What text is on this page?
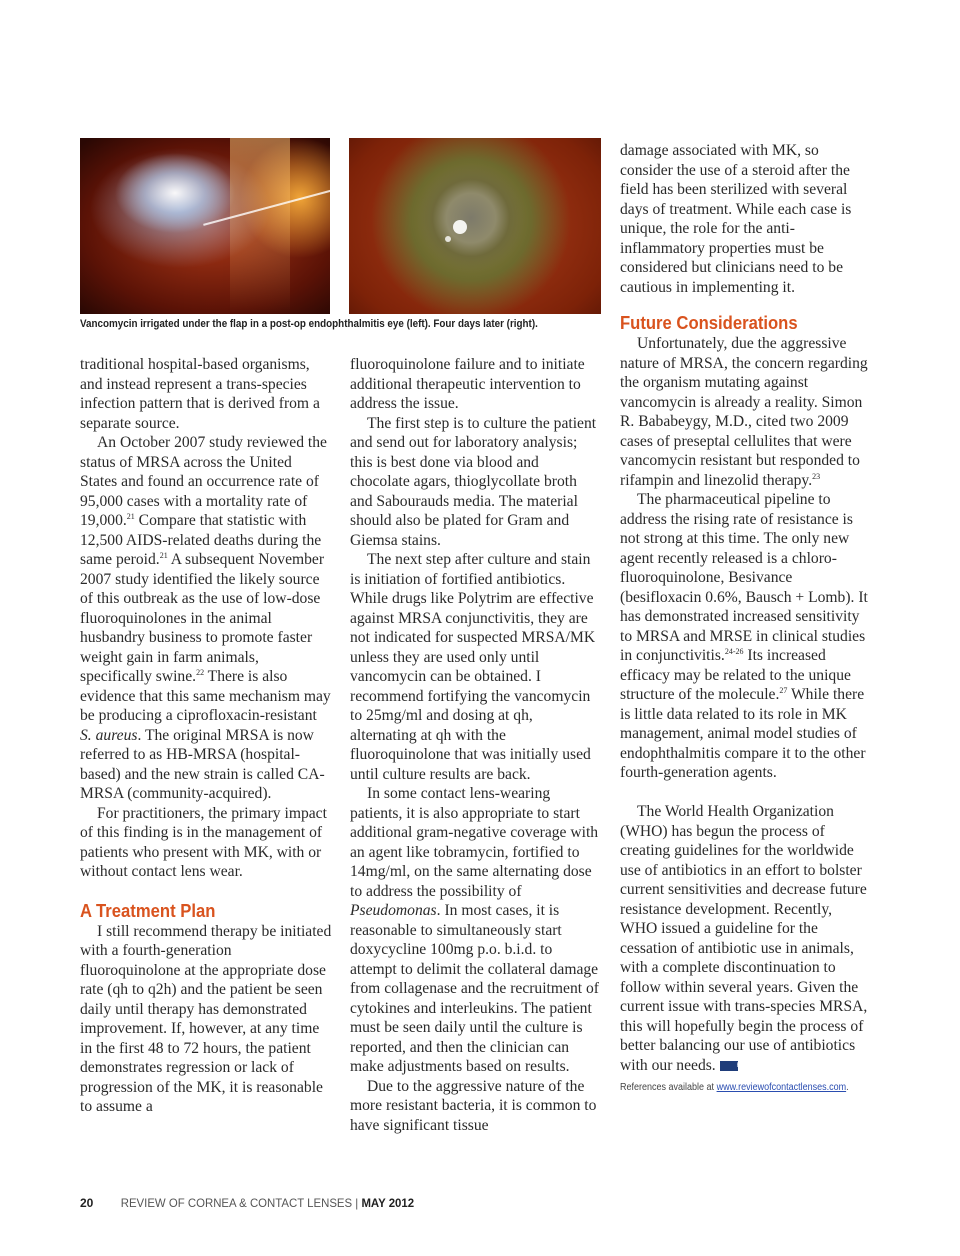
Vancomycin irrigated under the flap in a post-op endophthalmitis eye (left). Four days later (right).

traditional hospital-based organisms, and instead represent a trans-species infection pattern that is derived from a separate source.

An October 2007 study reviewed the status of MRSA across the United States and found an occurrence rate of 95,000 cases with a mortality rate of 19,000.21 Compare that statistic with 12,500 AIDS-related deaths during the same peroid.$^{21}$ A subsequent November 2007 study identified the likely source of this outbreak as the use of low-dose fluoroquinolones in the animal husbandry business to promote faster weight gain in farm animals, specifically swine.$^{22}$ There is also evidence that this same mechanism may be producing a ciprofloxacin-resistant S. aureus. The original MRSA is now referred to as HB-MRSA (hospital-based) and the new strain is called CA-MRSA (community-acquired).

For practitioners, the primary impact of this finding is in the management of patients who present with MK, with or without contact lens wear.

A Treatment Plan

I still recommend therapy be initiated with a fourth-generation fluoroquinolone at the appropriate dose rate (qh to q2h) and the patient be seen daily until therapy has demonstrated improvement. If, however, at any time in the first 48 to 72 hours, the patient demonstrates regression or lack of progression of the MK, it is reasonable to assume a

fluoroquinolone failure and to initiate additional therapeutic intervention to address the issue.

The first step is to culture the patient and send out for laboratory analysis; this is best done via blood and chocolate agars, thioglycollate broth and Sabourauds media. The material should also be plated for Gram and Giemsa stains.

The next step after culture and stain is initiation of fortified antibiotics. While drugs like Polytrim are effective against MRSA conjunctivitis, they are not indicated for suspected MRSA/MK unless they are used only until vancomycin can be obtained. I recommend fortifying the vancomycin to 25mg/ml and dosing at qh, alternating at qh with the fluoroquinolone that was initially used until culture results are back.

In some contact lens-wearing patients, it is also appropriate to start additional gram-negative coverage with an agent like tobramycin, fortified to 14mg/ml, on the same alternating dose to address the possibility of Pseudomonas. In most cases, it is reasonable to simultaneously start doxycycline 100mg p.o. b.i.d. to attempt to delimit the collateral damage from collagenase and the recruitment of cytokines and interleukins. The patient must be seen daily until the culture is reported, and then the clinician can make adjustments based on results.

Due to the aggressive nature of the more resistant bacteria, it is common to have significant tissue

damage associated with MK, so consider the use of a steroid after the field has been sterilized with several days of treatment. While each case is unique, the role for the anti-inflammatory properties must be considered but clinicians need to be cautious in implementing it.

Future Considerations

Unfortunately, due the aggressive nature of MRSA, the concern regarding the organism mutating against vancomycin is already a reality. Simon R. Bababeygy, M.D., cited two 2009 cases of preseptal cellulites that were vancomycin resistant but responded to rifampin and linezolid therapy.$^{23}$

The pharmaceutical pipeline to address the rising rate of resistance is not strong at this time. The only new agent recently released is a chloro-fluoroquinolone, Besivance (besifloxacin 0.6%, Bausch + Lomb). It has demonstrated increased sensitivity to MRSA and MRSE in clinical studies in conjunctivitis.$^{24-26}$ Its increased efficacy may be related to the unique structure of the molecule.$^{27}$ While there is little data related to its role in MK management, animal model studies of endophthalmitis compare it to the other fourth-generation agents.

The World Health Organization (WHO) has begun the process of creating guidelines for the worldwide use of antibiotics in an effort to bolster current sensitivities and decrease future resistance development. Recently, WHO issued a guideline for the cessation of antibiotic use in animals, with a complete discontinuation to follow within several years. Given the current issue with trans-species MRSA, this will hopefully begin the process of better balancing our use of antibiotics with our needs.	RCCL

References available at www.reviewofcontactlenses.com.
20 REVIEW OF CORNEA & CONTACT LENSES | MAY 2012
